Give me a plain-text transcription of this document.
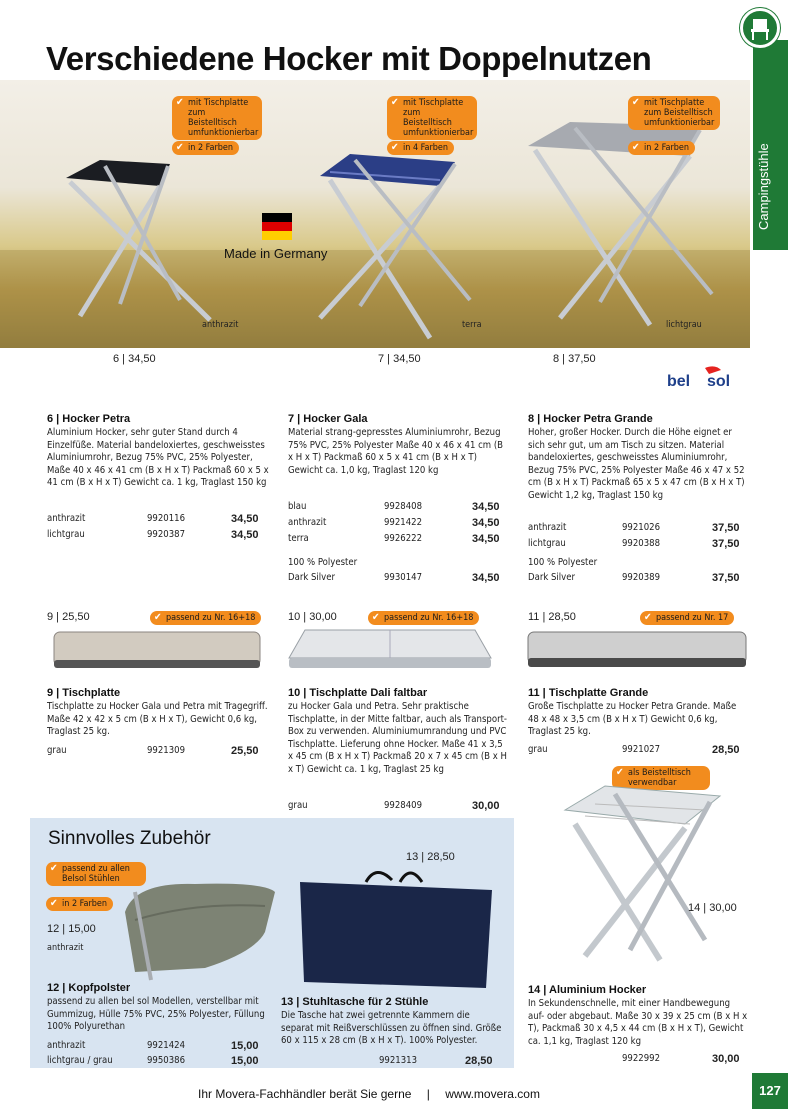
Verschiedene Hocker mit Doppelnutzen
anthrazit	terra	lichtgrau
Made in Germany
✔ mit Tischplatte zum Beistelltisch umfunktionierbar
✔ in 2 Farben
✔ mit Tischplatte zum Beistelltisch umfunktionierbar
✔ in 4 Farben
✔ mit Tischplatte zum Beistelltisch umfunktionierbar
✔ in 2 Farben	Campingstühle
6 | 34,50	7 | 34,50	8 | 37,50
bel sol
6 | Hocker Petra

Aluminium Hocker, sehr guter Stand durch 4 Einzelfüße. Material bandeloxiertes, geschweisstes Aluminiumrohr, Bezug 75% PVC, 25% Polyester, Maße 40 x 46 x 41 cm (B x H x T) Packmaß 60 x 5 x 41 cm (B x H x T) Gewicht ca. 1 kg, Traglast 150 kg

anthrazit	9920116	34,50
lichtgrau	9920387	34,50
7 | Hocker Gala

Material strang-gepresstes Aluminiumrohr, Bezug 75% PVC, 25% Polyester Maße 40 x 46 x 41 cm (B x H x T) Packmaß 60 x 5 x 41 cm (B x H x T) Gewicht ca. 1,0 kg, Traglast 120 kg

blau	9928408	34,50
anthrazit	9921422	34,50
terra	9926222	34,50
100 % Polyester
Dark Silver	9930147	34,50
8 | Hocker Petra Grande

Hoher, großer Hocker. Durch die Höhe eignet er sich sehr gut, um am Tisch zu sitzen. Material bandeloxiertes, geschweisstes Aluminiumrohr, Bezug 75% PVC, 25% Polyester Maße 46 x 47 x 52 cm (B x H x T) Packmaß 65 x 5 x 47 cm (B x H x T) Gewicht 1,2 kg, Traglast 150 kg

anthrazit	9921026	37,50
lichtgrau	9920388	37,50
100 % Polyester
Dark Silver	9920389	37,50
9 | 25,50	✔ passend zu Nr. 16+18	10 | 30,00	✔ passend zu Nr. 16+18	11 | 28,50	✔ passend zu Nr. 17
9 | Tischplatte

Tischplatte zu Hocker Gala und Petra mit Tragegriff. Maße 42 x 42 x 5 cm (B x H x T), Gewicht 0,6 kg, Traglast 25 kg.

grau	9921309	25,50
10 | Tischplatte Dali faltbar

zu Hocker Gala und Petra. Sehr praktische Tischplatte, in der Mitte faltbar, auch als Transport-Box zu verwenden. Aluminiumumrandung und PVC Tischplatte. Lieferung ohne Hocker. Maße 41 x 3,5 x 45 cm (B x H x T) Packmaß 20 x 7 x 45 cm (B x H x T) Gewicht ca. 1 kg, Traglast 25 kg

grau	9928409	30,00
11 | Tischplatte Grande

Große Tischplatte zu Hocker Petra Grande. Maße 48 x 48 x 3,5 cm (B x H x T) Gewicht 0,6 kg, Traglast 25 kg.

grau	9921027	28,50
✔ als Beistelltisch verwendbar
14 | 30,00
14 | Aluminium Hocker

In Sekundenschnelle, mit einer Handbewegung auf- oder abgebaut. Maße 30 x 39 x 25 cm (B x H x T), Packmaß 30 x 4,5 x 44 cm (B x H x T), Gewicht ca. 1,1 kg, Traglast 120 kg

9922992	30,00
Sinnvolles Zubehör
✔ passend zu allen Belsol Stühlen
✔ in 2 Farben
12 | 15,00
anthrazit
12 | Kopfpolster

passend zu allen bel sol Modellen, verstellbar mit Gummizug, Hülle 75% PVC, 25% Polyester, Füllung 100% Polyurethan

anthrazit	9921424	15,00
lichtgrau / grau	9950386	15,00
13 | 28,50
13 | Stuhltasche für 2 Stühle

Die Tasche hat zwei getrennte Kammern die separat mit Reißverschlüssen zu öffnen sind. Größe 60 x 115 x 28 cm (B x H x T). 100% Polyester.

9921313	28,50
Ihr Movera-Fachhändler berät Sie gerne | www.movera.com	127
